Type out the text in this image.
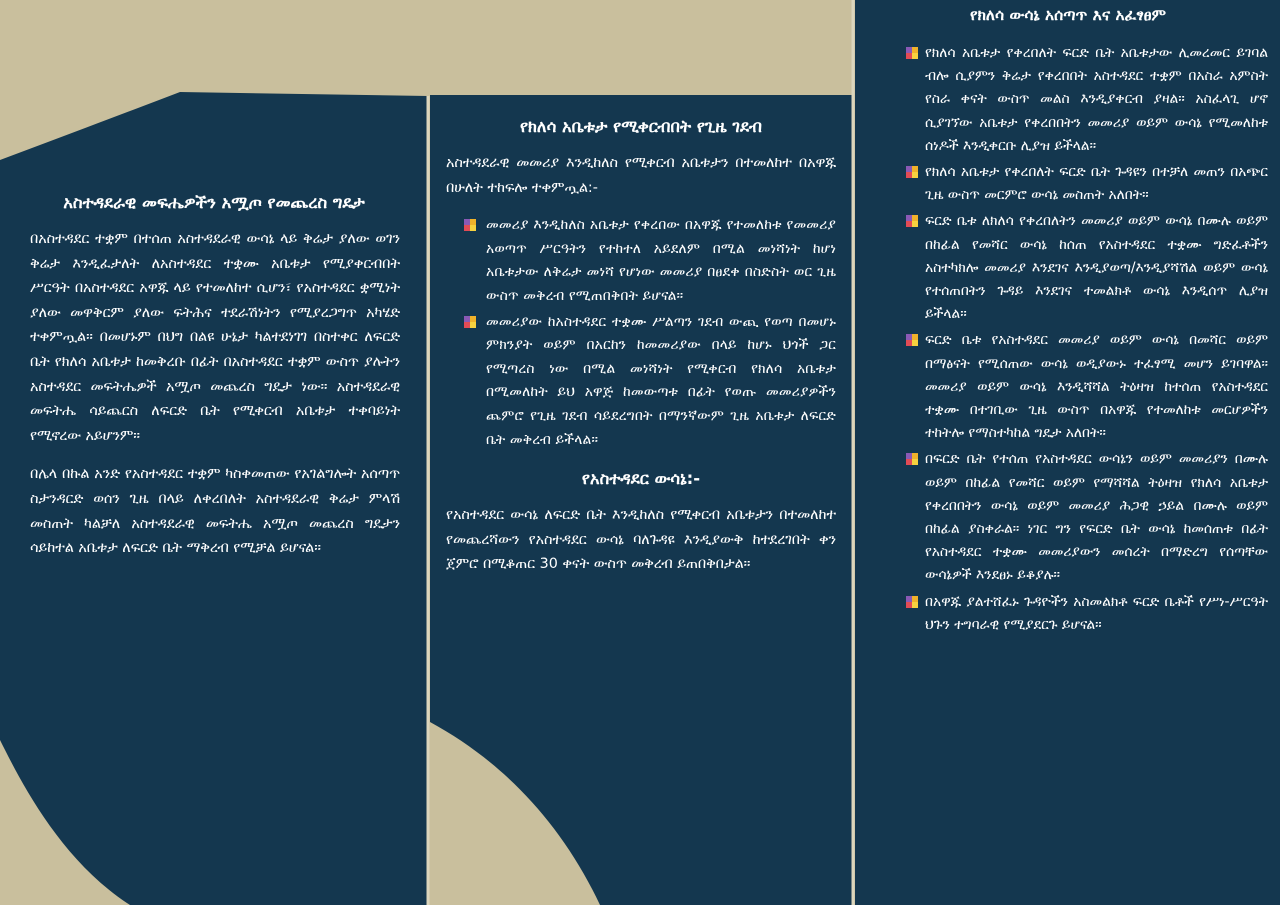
አስተዳደራዊ መፍሔዎችን አሟጦ የመጨረስ ግዴታ

በአስተዳደር ተቋም በተሰጠ አስተዳደራዊ ውሳኔ ላይ ቅሬታ ያለው ወገን ቅሬታ እንዲፈታለት ለአስተዳደር ተቋሙ አቤቱታ የሚያቀርብበት ሥርዓት በአስተዳደር አዋጁ ላይ የተመለከተ ሲሆን፣ የአስተዳደር ቋሚነት ያለው መዋቅርም ያለው ፍትሕና ተደራሽነትን የሚያረጋግጥ አካሄድ ተቀምጧል። በመሆኑም በህግ በልዩ ሁኔታ ካልተደነገገ በስተቀር ለፍርድ ቤት የክለሳ አቤቱታ ከመቅረቡ በፊት በአስተዳደር ተቋም ውስጥ ያሉትን አስተዳደር መፍትሔዎች አሟጦ መጨረስ ግዴታ ነው። አስተዳደራዊ መፍትሔ ሳይጨርስ ለፍርድ ቤት የሚቀርብ አቤቱታ ተቀባይነት የሚኖረው አይሆንም።

በሌላ በኩል አንድ የአስተዳደር ተቋም ካስቀመጠው የአገልግሎት አሰጣጥ ስታንዳርድ ወሰን ጊዜ በላይ ለቀረበለት አስተዳደራዊ ቅሬታ ምላሽ መስጠት ካልቻለ አስተዳደራዊ መፍትሔ አሟጦ መጨረስ ግዴታን ሳይከተል አቤቱታ ለፍርድ ቤት ማቅረብ የሚቻል ይሆናል።

የክለሳ አቤቱታ የሚቀርብበት የጊዜ ገደብ

አስተዳደራዊ መመሪያ እንዲከለስ የሚቀርብ አቤቱታን በተመለከተ በአዋጁ በሁለት ተከፍሎ ተቀምጧል:-

መመሪያ እንዲከለስ አቤቱታ የቀረበው በአዋጁ የተመለከቱ የመመሪያ አወጣጥ ሥርዓትን የተከተለ አይደለም በሚል መነሻነት ከሆነ አቤቱታው ለቅሬታ መነሻ የሆነው መመሪያ በፀደቀ በስድስት ወር ጊዜ ውስጥ መቅረብ የሚጠበቅበት ይሆናል።
መመሪያው ከአስተዳደር ተቋሙ ሥልጣን ገደብ ውጪ የወጣ በመሆኑ ምክንያት ወይም በአርከን ከመመሪያው በላይ ከሆኑ ህጎች ጋር የሚጣረስ ነው በሚል መነሻነት የሚቀርብ የክለሳ አቤቱታ በሚመለከት ይህ አዋጅ ከመውጣቱ በፊት የወጡ መመሪያዎችን ጨምሮ የጊዜ ገደብ ሳይደረግበት በማንኛውም ጊዜ አቤቱታ ለፍርድ ቤት መቅረብ ይችላል።
የአስተዳደር ውሳኔ:-

የአስተዳደር ውሳኔ ለፍርድ ቤት እንዲከለስ የሚቀርብ አቤቱታን በተመለከተ የመጨረሻውን የአስተዳደር ውሳኔ ባለጉዳዩ እንዲያውቅ ከተደረገበት ቀን ጀምሮ በሚቆጠር 30 ቀናት ውስጥ መቅረብ ይጠበቅበታል።

የክለሳ ውሳኔ አሰጣጥ እና አፈፃፀም
የክለሳ አቤቱታ የቀረበለት ፍርድ ቤት አቤቱታው ሊመረመር ይገባል ብሎ ሲያምን ቅሬታ የቀረበበት አስተዳደር ተቋም በአስራ አምስት የስራ ቀናት ውስጥ መልስ እንዲያቀርብ ያዛል። አስፈላጊ ሆኖ ሲያገኘው አቤቱታ የቀረበበትን መመሪያ ወይም ውሳኔ የሚመለከቱ ሰነዶች እንዲቀርቡ ሊያዝ ይችላል።
የክለሳ አቤቱታ የቀረበለት ፍርድ ቤት ጉዳዩን በተቻለ መጠን በአጭር ጊዜ ውስጥ መርምሮ ውሳኔ መስጠት አለበት።
ፍርድ ቤቱ ለክለሳ የቀረበለትን መመሪያ ወይም ውሳኔ በሙሉ ወይም በከፊል የመሻር ውሳኔ ከሰጠ የአስተዳደር ተቋሙ ግድፈቶችን አስተካክሎ መመሪያ እንደገና እንዲያወጣ/እንዲያሻሽል ወይም ውሳኔ የተሰጠበትን ጉዳይ እንደገና ተመልክቶ ውሳኔ እንዲሰጥ ሊያዝ ይችላል።
ፍርድ ቤቱ የአስተዳደር መመሪያ ወይም ውሳኔ በመሻር ወይም በማፅናት የሚሰጠው ውሳኔ ወዲያውኑ ተፈፃሚ መሆን ይገባዋል። መመሪያ ወይም ውሳኔ እንዲሻሻል ትዕዛዝ ከተሰጠ የአስተዳደር ተቋሙ በተገቢው ጊዜ ውስጥ በአዋጁ የተመለከቱ መርሆዎችን ተከትሎ የማስተካከል ግዴታ አለበት።
በፍርድ ቤት የተሰጠ የአስተዳደር ውሳኔን ወይም መመሪያን በሙሉ ወይም በከፊል የመሻር ወይም የማሻሻል ትዕዛዝ የክለሳ አቤቱታ የቀረበበትን ውሳኔ ወይም መመሪያ ሕጋዊ ኃይል በሙሉ ወይም በከፊል ያስቀራል። ነገር ግን የፍርድ ቤት ውሳኔ ከመሰጠቱ በፊት የአስተዳደር ተቋሙ መመሪያውን መሰረት በማድረግ የሰጣቸው ውሳኔዎች እንደፀኑ ይቆያሉ።
በአዋጁ ያልተሸፈኑ ጉዳዮችን አስመልክቶ ፍርድ ቤቶች የሥነ-ሥርዓት ህጉን ተግባራዊ የሚያደርጉ ይሆናል።
